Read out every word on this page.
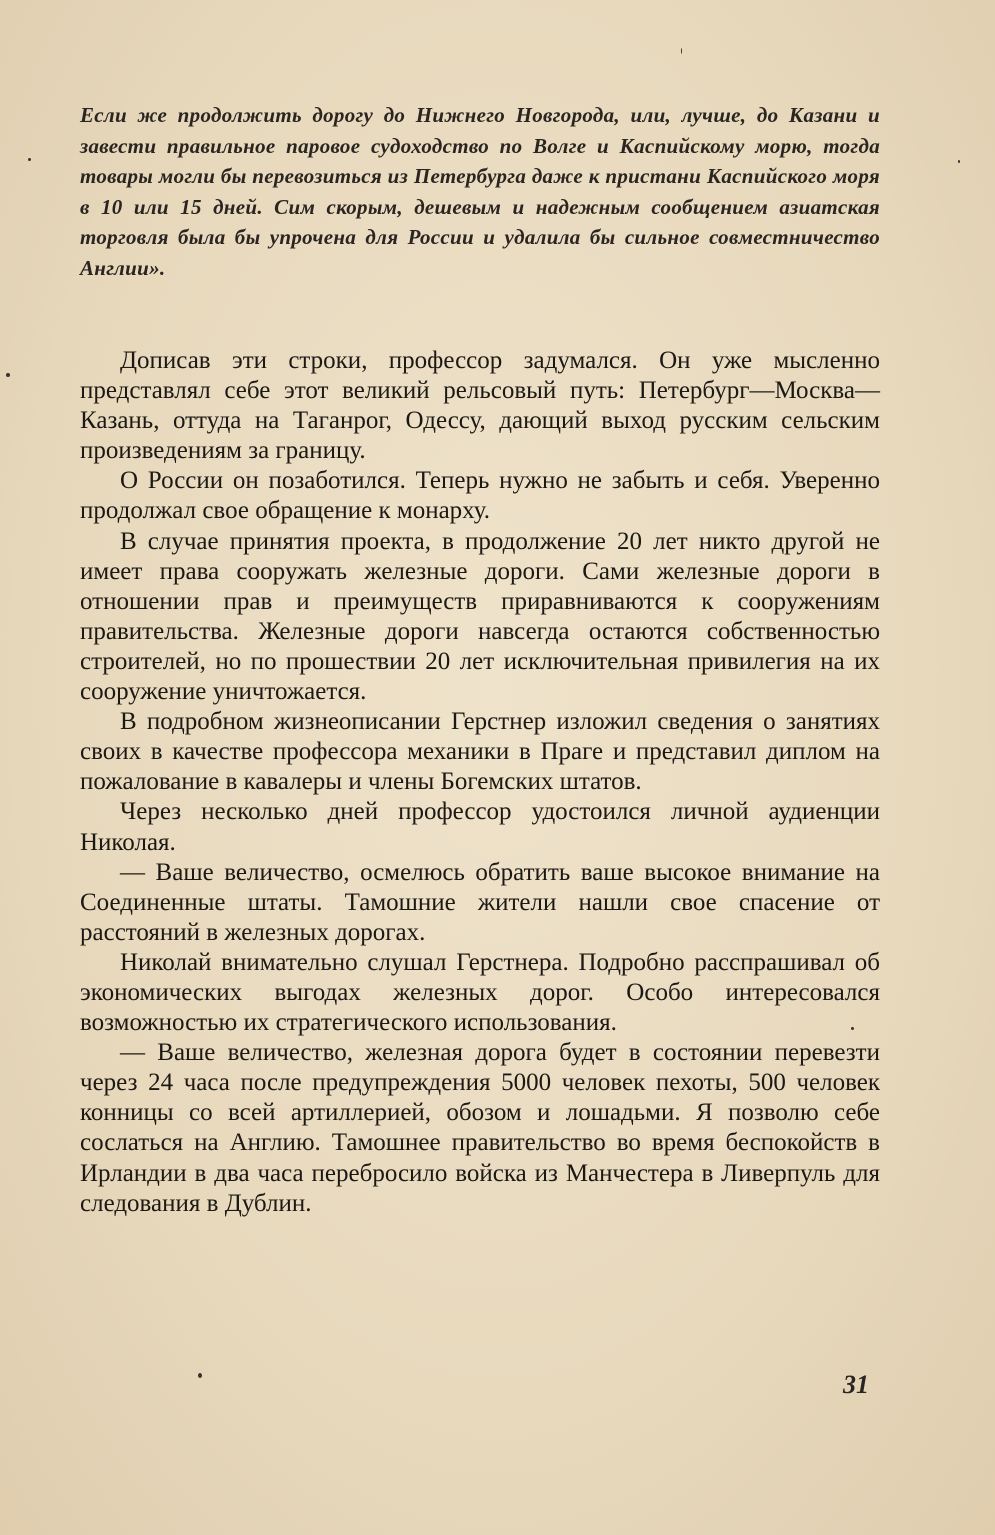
Если же продолжить дорогу до Нижнего Новгорода, или, лучше, до Казани и завести правильное паровое судоходство по Волге и Каспийскому морю, тогда товары могли бы перевозиться из Петербурга даже к пристани Каспийского моря в 10 или 15 дней. Сим скорым, дешевым и надежным сообщением азиатская торговля была бы упрочена для России и удалила бы сильное совместничество Англии».

Дописав эти строки, профессор задумался. Он уже мысленно представлял себе этот великий рельсовый путь: Петербург—Москва—Казань, оттуда на Таганрог, Одессу, дающий выход русским сельским произведениям за границу.

О России он позаботился. Теперь нужно не забыть и себя. Уверенно продолжал свое обращение к монарху.

В случае принятия проекта, в продолжение 20 лет никто другой не имеет права сооружать железные дороги. Сами железные дороги в отношении прав и преимуществ приравниваются к сооружениям правительства. Железные дороги навсегда остаются собственностью строителей, но по прошествии 20 лет исключительная привилегия на их сооружение уничтожается.

В подробном жизнеописании Герстнер изложил сведения о занятиях своих в качестве профессора механики в Праге и представил диплом на пожалование в кавалеры и члены Богемских штатов.

Через несколько дней профессор удостоился личной аудиенции Николая.

— Ваше величество, осмелюсь обратить ваше высокое внимание на Соединенные штаты. Тамошние жители нашли свое спасение от расстояний в железных дорогах.

Николай внимательно слушал Герстнера. Подробно расспрашивал об экономических выгодах железных дорог. Особо интересовался возможностью их стратегического использования.

— Ваше величество, железная дорога будет в состоянии перевезти через 24 часа после предупреждения 5000 человек пехоты, 500 человек конницы со всей артиллерией, обозом и лошадьми. Я позволю себе сослаться на Англию. Тамошнее правительство во время беспокойств в Ирландии в два часа перебросило войска из Манчестера в Ливерпуль для следования в Дублин.

31
